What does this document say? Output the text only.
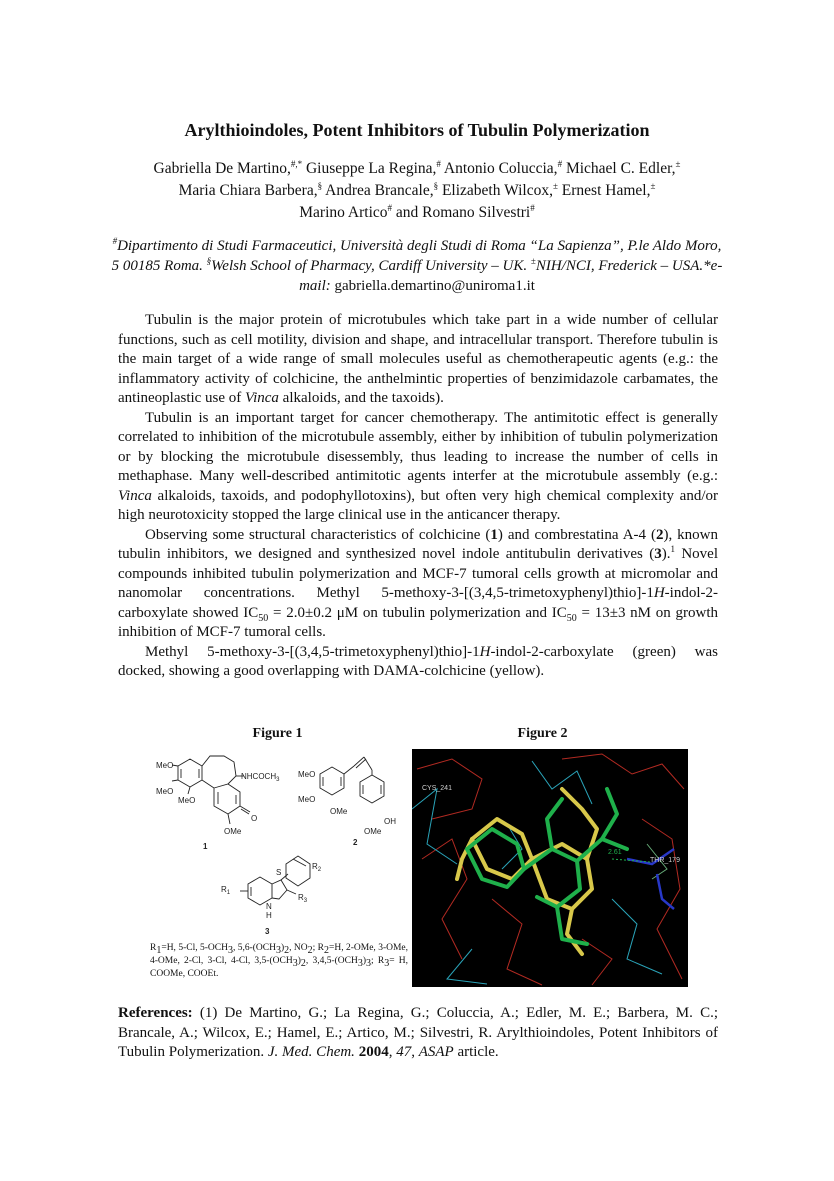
Arylthioindoles, Potent Inhibitors of Tubulin Polymerization
Gabriella De Martino,#,* Giuseppe La Regina,# Antonio Coluccia,# Michael C. Edler,±
Maria Chiara Barbera,§ Andrea Brancale,§ Elizabeth Wilcox,± Ernest Hamel,±
Marino Artico# and Romano Silvestri#
#Dipartimento di Studi Farmaceutici, Università degli Studi di Roma “La Sapienza”, P.le Aldo Moro, 5 00185 Roma. §Welsh School of Pharmacy, Cardiff University – UK. ±NIH/NCI, Frederick – USA.*e-mail: gabriella.demartino@uniroma1.it

Tubulin is the major protein of microtubules which take part in a wide number of cellular functions, such as cell motility, division and shape, and intracellular transport. Therefore tubulin is the main target of a wide range of small molecules useful as chemotherapeutic agents (e.g.: the inflammatory activity of colchicine, the anthelmintic properties of benzimidazole carbamates, the antineoplastic use of Vinca alkaloids, and the taxoids).

Tubulin is an important target for cancer chemotherapy. The antimitotic effect is generally correlated to inhibition of the microtubule assembly, either by inhibition of tubulin polymerization or by blocking the microtubule disessembly, thus leading to increase the number of cells in methaphase. Many well-described antimitotic agents interfer at the microtubule assembly (e.g.: Vinca alkaloids, taxoids, and podophyllotoxins), but often very high chemical complexity and/or high neurotoxicity stopped the large clinical use in the anticancer therapy.

Observing some structural characteristics of colchicine (1) and combrestatina A-4 (2), known tubulin inhibitors, we designed and synthesized novel indole antitubulin derivatives (3).$^1$ Novel compounds inhibited tubulin polymerization and MCF-7 tumoral cells growth at micromolar and nanomolar concentrations. Methyl 5-methoxy-3-[(3,4,5-trimetoxyphenyl)thio]-1H-indol-2-carboxylate showed $IC_{50} = 2.0\pm 0.2$ μM on tubulin polymerization and $IC_{50} = 13\pm 3$ nM on growth inhibition of MCF-7 tumoral cells.

Methyl 5-methoxy-3-[(3,4,5-trimetoxyphenyl)thio]-1H-indol-2-carboxylate (green) was docked, showing a good overlapping with DAMA-colchicine (yellow).

Figure 1	Figure 2
MeO
MeO
MeO
$NHCOCH_3$
O
OMe
1
MeO
MeO
OMe
OH
OMe
2
S
$R_2$
$R_1$	$R_3$
N
H
3
$R_1=H$, 5-Cl, $5-OCH_3$, $5,6-(OCH_3)_2$, $NO_2$; $R_2=H$, 2-OMe, 3-OMe, 4-OMe, 2-Cl, 3-Cl, 4-Cl, $3,5-(OCH_3)_2$, $3,4,5-(OCH_3)_3$; $R_3= H$, COOMe, COOEt.
CYS_241
THR_179
2.61
References: (1) De Martino, G.; La Regina, G.; Coluccia, A.; Edler, M. E.; Barbera, M. C.; Brancale, A.; Wilcox, E.; Hamel, E.; Artico, M.; Silvestri, R. Arylthioindoles, Potent Inhibitors of Tubulin Polymerization. J. Med. Chem. 2004, 47, ASAP article.
